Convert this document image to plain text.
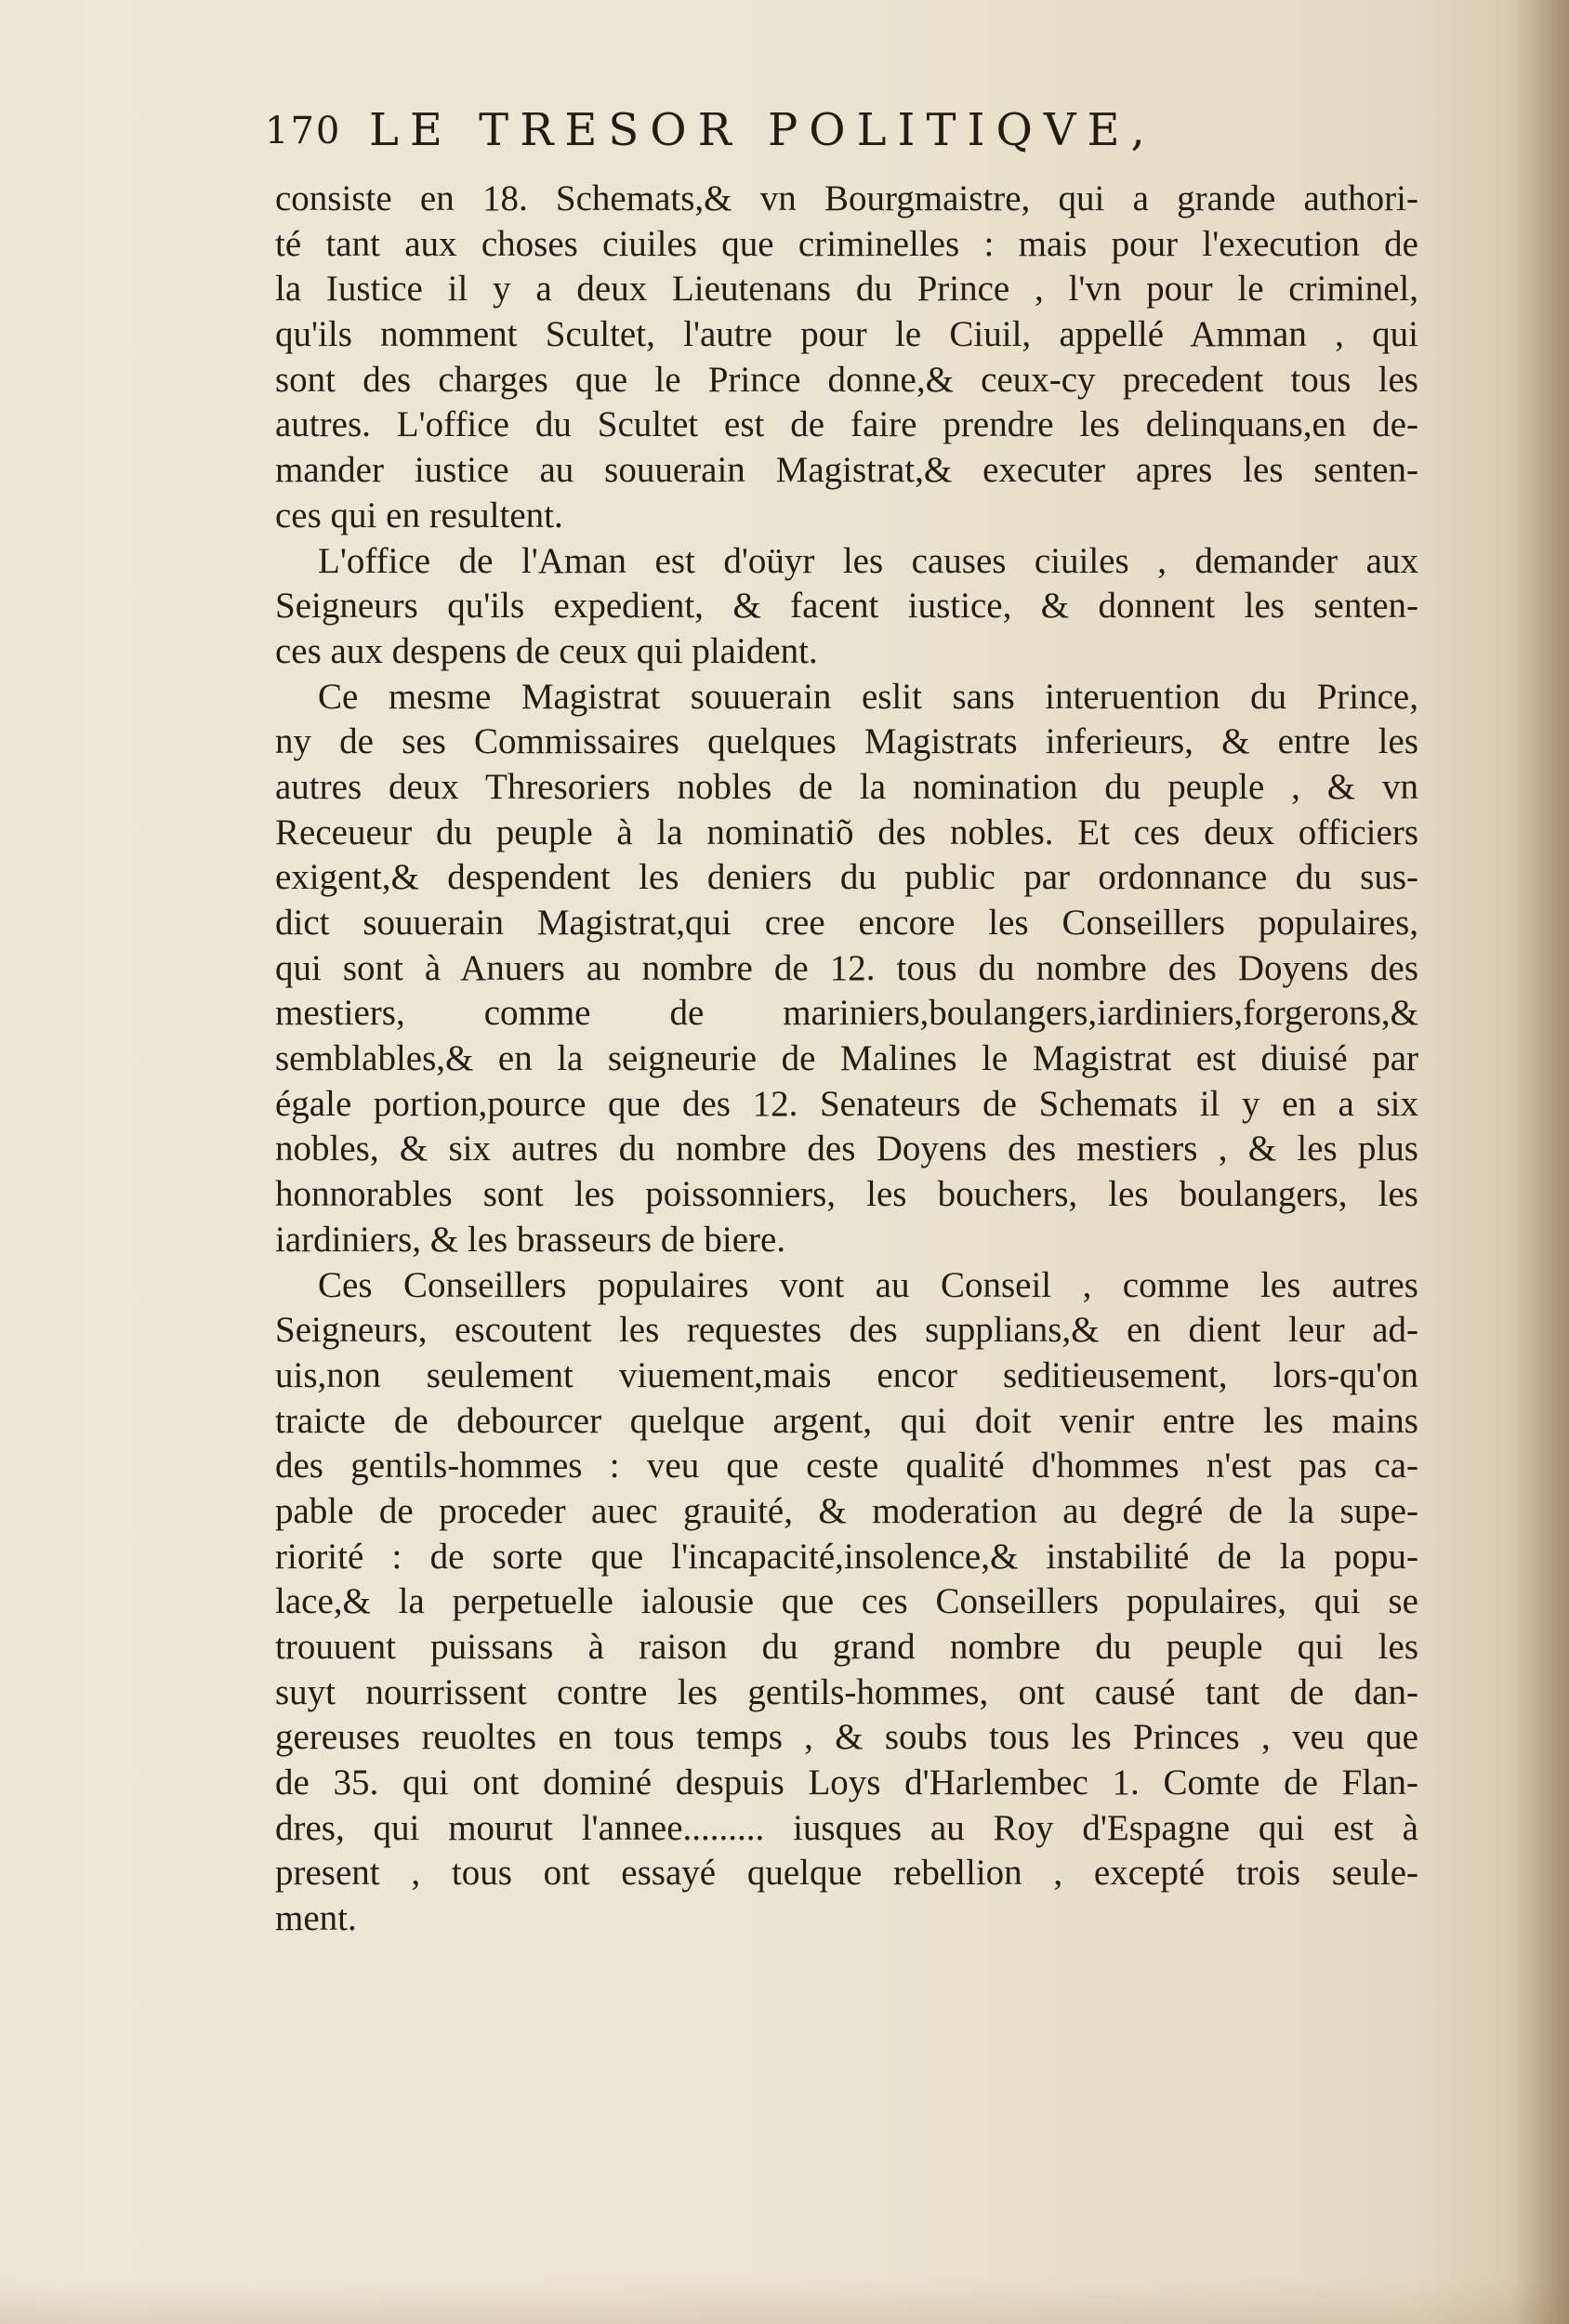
170 LE TRESOR POLITIQVE,
consiste en 18. Schemats,& vn Bourgmaistre, qui a grande authori-
té tant aux choses ciuiles que criminelles : mais pour l'execution de
la Iustice il y a deux Lieutenans du Prince , l'vn pour le criminel,
qu'ils nomment Scultet, l'autre pour le Ciuil, appellé Amman , qui
sont des charges que le Prince donne,& ceux-cy precedent tous les
autres. L'office du Scultet est de faire prendre les delinquans,en de-
mander iustice au souuerain Magistrat,& executer apres les senten-
ces qui en resultent.
L'office de l'Aman est d'oüyr les causes ciuiles , demander aux
Seigneurs qu'ils expedient, & facent iustice, & donnent les senten-
ces aux despens de ceux qui plaident.
Ce mesme Magistrat souuerain eslit sans interuention du Prince,
ny de ses Commissaires quelques Magistrats inferieurs, & entre les
autres deux Thresoriers nobles de la nomination du peuple , & vn
Receueur du peuple à la nominatiõ des nobles. Et ces deux officiers
exigent,& despendent les deniers du public par ordonnance du sus-
dict souuerain Magistrat,qui cree encore les Conseillers populaires,
qui sont à Anuers au nombre de 12. tous du nombre des Doyens des
mestiers, comme de mariniers,boulangers,iardiniers,forgerons,&
semblables,& en la seigneurie de Malines le Magistrat est diuisé par
égale portion,pource que des 12. Senateurs de Schemats il y en a six
nobles, & six autres du nombre des Doyens des mestiers , & les plus
honnorables sont les poissonniers, les bouchers, les boulangers, les
iardiniers, & les brasseurs de biere.
Ces Conseillers populaires vont au Conseil , comme les autres
Seigneurs, escoutent les requestes des supplians,& en dient leur ad-
uis,non seulement viuement,mais encor seditieusement, lors-qu'on
traicte de debourcer quelque argent, qui doit venir entre les mains
des gentils-hommes : veu que ceste qualité d'hommes n'est pas ca-
pable de proceder auec grauité, & moderation au degré de la supe-
riorité : de sorte que l'incapacité,insolence,& instabilité de la popu-
lace,& la perpetuelle ialousie que ces Conseillers populaires, qui se
trouuent puissans à raison du grand nombre du peuple qui les
suyt nourrissent contre les gentils-hommes, ont causé tant de dan-
gereuses reuoltes en tous temps , & soubs tous les Princes , veu que
de 35. qui ont dominé despuis Loys d'Harlembec 1. Comte de Flan-
dres, qui mourut l'annee......... iusques au Roy d'Espagne qui est à
present , tous ont essayé quelque rebellion , excepté trois seule-
ment.
